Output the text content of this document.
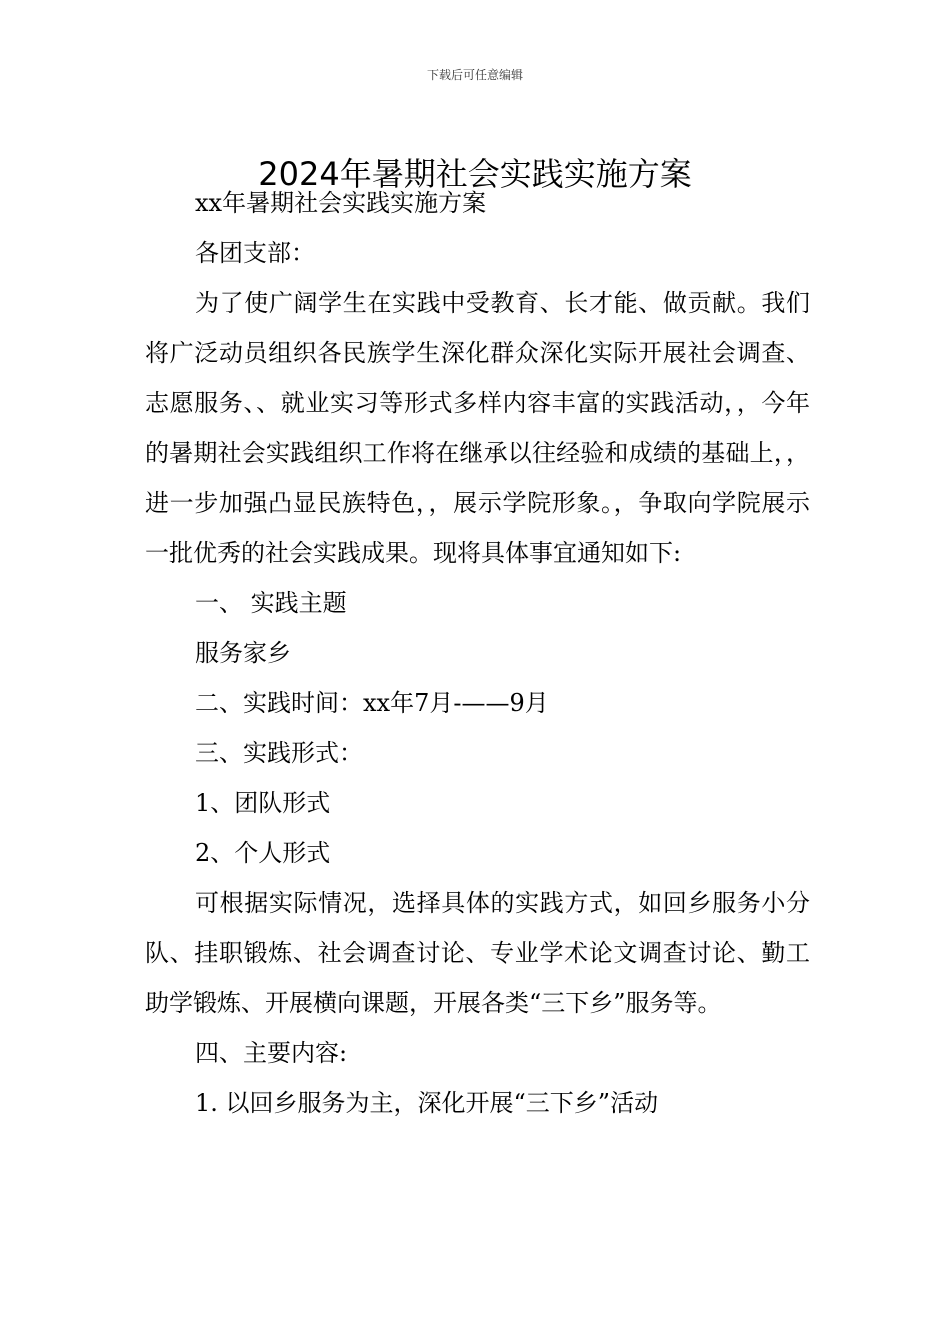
下载后可任意编辑
2024年暑期社会实践实施方案

xx年暑期社会实践实施方案

各团支部：

为了使广阔学生在实践中受教育、长才能、做贡献。我们将广泛动员组织各民族学生深化群众深化实际开展社会调查、志愿服务、、就业实习等形式多样内容丰富的实践活动，，今年的暑期社会实践组织工作将在继承以往经验和成绩的基础上，，进一步加强凸显民族特色，，展示学院形象。，争取向学院展示一批优秀的社会实践成果。现将具体事宜通知如下:

一、 实践主题

服务家乡

二、实践时间：xx年7月-——9月

三、实践形式：

1、团队形式

2、个人形式

可根据实际情况，选择具体的实践方式，如回乡服务小分队、挂职锻炼、社会调查讨论、专业学术论文调查讨论、勤工助学锻炼、开展横向课题，开展各类“三下乡”服务等。

四、主要内容:

1. 以回乡服务为主，深化开展“三下乡”活动
